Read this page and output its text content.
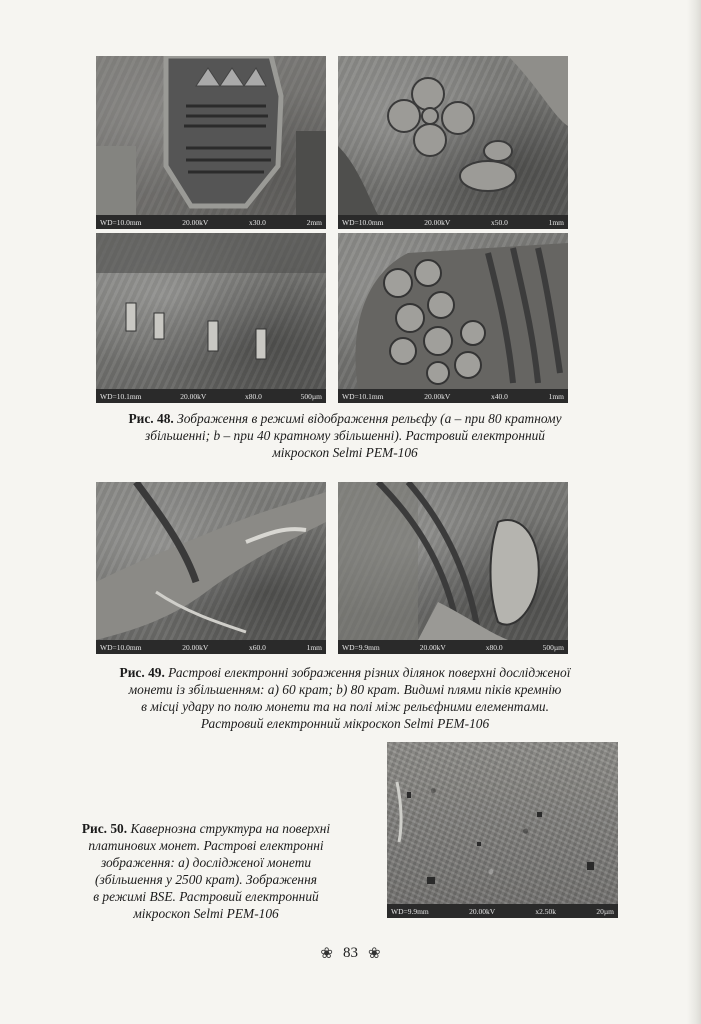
WD=10.0mm	20.00kV	x30.0	2mm	WD=10.0mm	20.00kV	x50.0	1mm
WD=10.1mm	20.00kV	x80.0	500µm	WD=10.1mm	20.00kV	x40.0	1mm
Рис. 48. Зображення в режимі відображення рельєфу (a – при 80 кратному
збільшенні; b – при 40 кратному збільшенні). Растровий електронний
мікроскоп Selmi PEM-106
WD=10.0mm	20.00kV	x60.0	1mm	WD=9.9mm	20.00kV	x80.0	500µm
Рис. 49. Растрові електронні зображення різних ділянок поверхні дослідженої
монети із збільшенням: a) 60 крат; b) 80 крат. Видимі плями піків кремнію
в місці удару по полю монети та на полі між рельєфними елементами.
Растровий електронний мікроскоп Selmi PEM-106
WD=9.9mm	20.00kV	x2.50k	20µm
Рис. 50. Кавернозна структура на поверхні
платинових монет. Растрові електронні
зображення: a) дослідженої монети
(збільшення у 2500 крат). Зображення
в режимі BSE. Растровий електронний
мікроскоп Selmi PEM-106
❀ 83 ❀
